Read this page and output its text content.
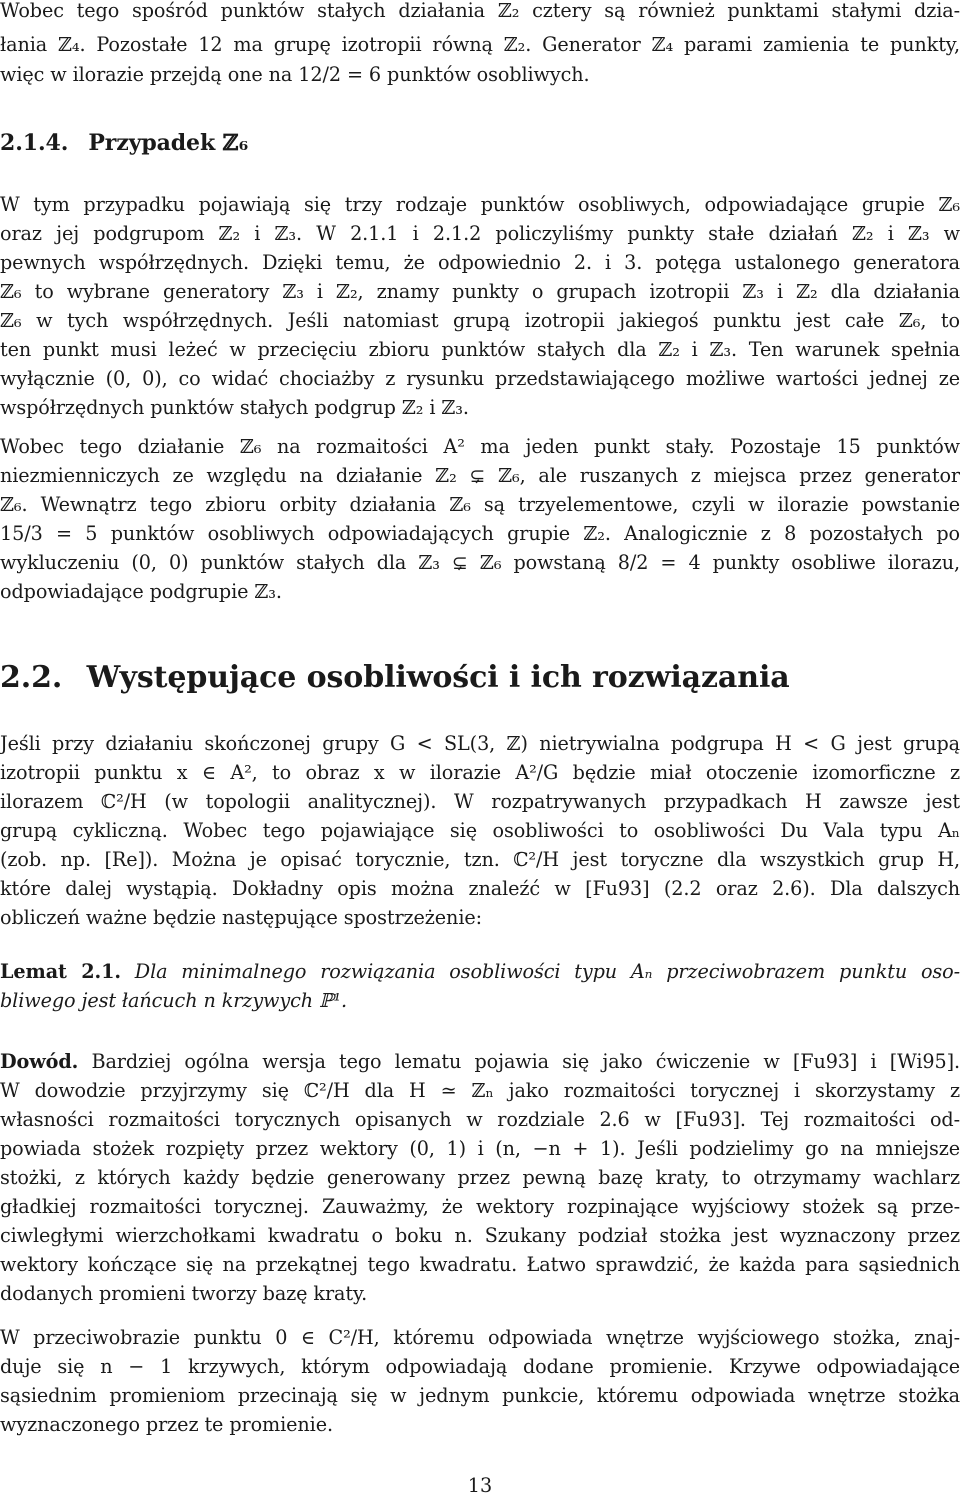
Wobec tego spośród punktów stałych działania ℤ₂ cztery są również punktami stałymi dzia-

łania ℤ₄. Pozostałe 12 ma grupę izotropii równą ℤ₂. Generator ℤ₄ parami zamienia te punkty,

więc w ilorazie przejdą one na 12/2 = 6 punktów osobliwych.

2.1.4. Przypadek ℤ₆

W tym przypadku pojawiają się trzy rodzaje punktów osobliwych, odpowiadające grupie ℤ₆

oraz jej podgrupom ℤ₂ i ℤ₃. W 2.1.1 i 2.1.2 policzyliśmy punkty stałe działań ℤ₂ i ℤ₃ w

pewnych współrzędnych. Dzięki temu, że odpowiednio 2. i 3. potęga ustalonego generatora

ℤ₆ to wybrane generatory ℤ₃ i ℤ₂, znamy punkty o grupach izotropii ℤ₃ i ℤ₂ dla działania

ℤ₆ w tych współrzędnych. Jeśli natomiast grupą izotropii jakiegoś punktu jest całe ℤ₆, to

ten punkt musi leżeć w przecięciu zbioru punktów stałych dla ℤ₂ i ℤ₃. Ten warunek spełnia

wyłącznie (0, 0), co widać chociażby z rysunku przedstawiającego możliwe wartości jednej ze

współrzędnych punktów stałych podgrup ℤ₂ i ℤ₃.

Wobec tego działanie ℤ₆ na rozmaitości A² ma jeden punkt stały. Pozostaje 15 punktów

niezmienniczych ze względu na działanie ℤ₂ ⊊ ℤ₆, ale ruszanych z miejsca przez generator

ℤ₆. Wewnątrz tego zbioru orbity działania ℤ₆ są trzyelementowe, czyli w ilorazie powstanie

15/3 = 5 punktów osobliwych odpowiadających grupie ℤ₂. Analogicznie z 8 pozostałych po

wykluczeniu (0, 0) punktów stałych dla ℤ₃ ⊊ ℤ₆ powstaną 8/2 = 4 punkty osobliwe ilorazu,

odpowiadające podgrupie ℤ₃.

2.2. Występujące osobliwości i ich rozwiązania

Jeśli przy działaniu skończonej grupy G < SL(3, ℤ) nietrywialna podgrupa H < G jest grupą

izotropii punktu x ∈ A², to obraz x w ilorazie A²/G będzie miał otoczenie izomorficzne z

ilorazem ℂ²/H (w topologii analitycznej). W rozpatrywanych przypadkach H zawsze jest

grupą cykliczną. Wobec tego pojawiające się osobliwości to osobliwości Du Vala typu Aₙ

(zob. np. [Re]). Można je opisać torycznie, tzn. ℂ²/H jest toryczne dla wszystkich grup H,

które dalej wystąpią. Dokładny opis można znaleźć w [Fu93] (2.2 oraz 2.6). Dla dalszych

obliczeń ważne będzie następujące spostrzeżenie:

Lemat 2.1. Dla minimalnego rozwiązania osobliwości typu Aₙ przeciwobrazem punktu oso-

bliwego jest łańcuch n krzywych ℙ¹.

Dowód. Bardziej ogólna wersja tego lematu pojawia się jako ćwiczenie w [Fu93] i [Wi95].

W dowodzie przyjrzymy się ℂ²/H dla H ≃ ℤₙ jako rozmaitości torycznej i skorzystamy z

własności rozmaitości torycznych opisanych w rozdziale 2.6 w [Fu93]. Tej rozmaitości od-

powiada stożek rozpięty przez wektory (0, 1) i (n, −n + 1). Jeśli podzielimy go na mniejsze

stożki, z których każdy będzie generowany przez pewną bazę kraty, to otrzymamy wachlarz

gładkiej rozmaitości torycznej. Zauważmy, że wektory rozpinające wyjściowy stożek są prze-

ciwległymi wierzchołkami kwadratu o boku n. Szukany podział stożka jest wyznaczony przez

wektory kończące się na przekątnej tego kwadratu. Łatwo sprawdzić, że każda para sąsiednich

dodanych promieni tworzy bazę kraty.

W przeciwobrazie punktu 0 ∈ C²/H, któremu odpowiada wnętrze wyjściowego stożka, znaj-

duje się n − 1 krzywych, którym odpowiadają dodane promienie. Krzywe odpowiadające

sąsiednim promieniom przecinają się w jednym punkcie, któremu odpowiada wnętrze stożka

wyznaczonego przez te promienie.

13
